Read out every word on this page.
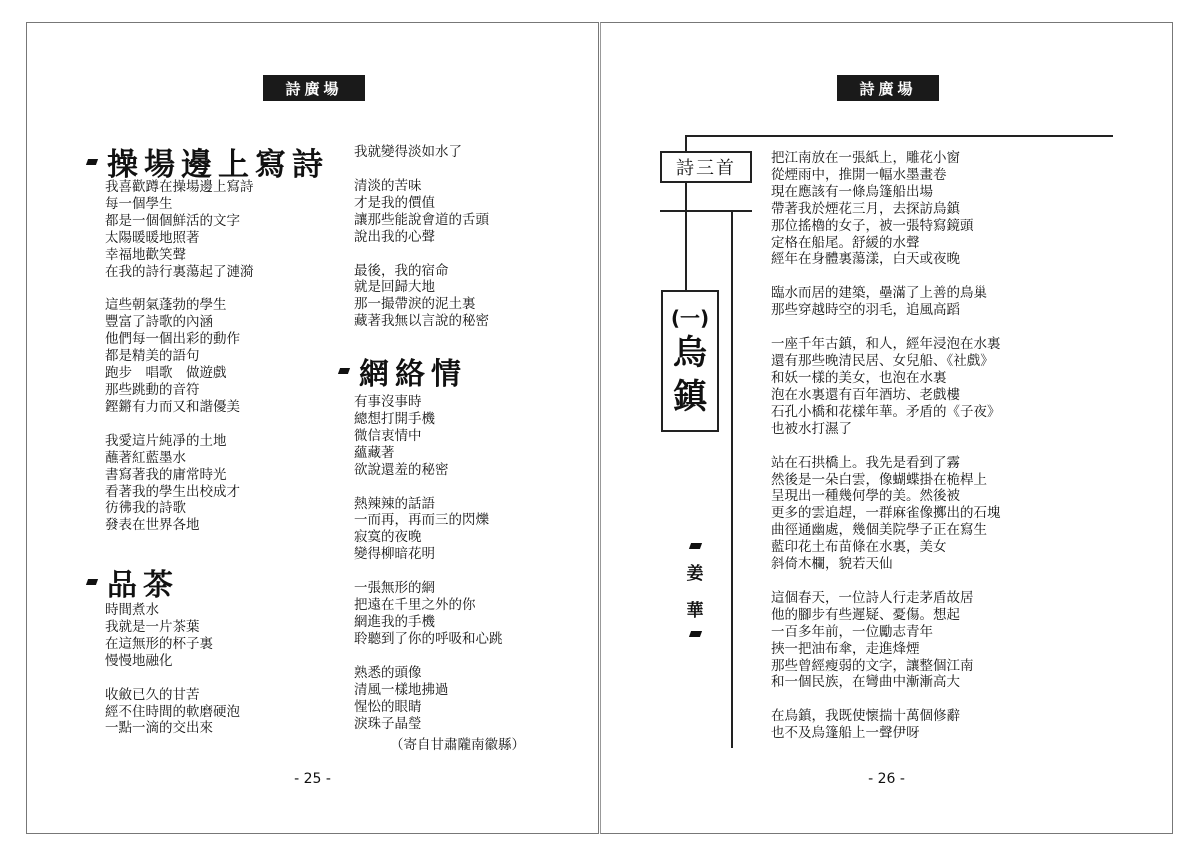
詩廣場
操場邊上寫詩
我喜歡蹲在操場邊上寫詩
每一個學生
都是一個個鮮活的文字
太陽暖暖地照著
幸福地歡笑聲
在我的詩行裏蕩起了漣漪
這些朝氣蓬勃的學生
豐富了詩歌的內涵
他們每一個出彩的動作
都是精美的語句
跑步　唱歌　做遊戲
那些跳動的音符
鏗鏘有力而又和諧優美
我愛這片純凈的土地
蘸著紅藍墨水
書寫著我的庸常時光
看著我的學生出校成才
彷彿我的詩歌
發表在世界各地
品茶
時間煮水
我就是一片茶葉
在這無形的杯子裏
慢慢地融化
收斂已久的甘苦
經不住時間的軟磨硬泡
一點一滴的交出來
我就變得淡如水了
清淡的苦味
才是我的價值
讓那些能說會道的舌頭
說出我的心聲
最後，我的宿命
就是回歸大地
那一撮帶淚的泥土裏
藏著我無以言說的秘密
網絡情
有事沒事時
總想打開手機
微信衷情中
蘊藏著
欲說還羞的秘密
熱辣辣的話語
一而再，再而三的閃爍
寂寞的夜晚
變得柳暗花明
一張無形的網
把遠在千里之外的你
網進我的手機
聆聽到了你的呼吸和心跳
熟悉的頭像
清風一樣地拂過
惺忪的眼睛
淚珠子晶瑩
（寄自甘肅隴南徽縣）
- 25 -
詩廣場
詩三首
(一)
烏
鎮
姜
華
把江南放在一張紙上，雕花小窗
從煙雨中，推開一幅水墨畫卷
現在應該有一條烏篷船出場
帶著我於煙花三月，去探訪烏鎮
那位搖櫓的女子，被一張特寫鏡頭
定格在船尾。舒緩的水聲
經年在身體裏蕩漾，白天或夜晚
臨水而居的建築，壘滿了上善的鳥巢
那些穿越時空的羽毛，追風高蹈
一座千年古鎮，和人，經年浸泡在水裏
還有那些晚清民居、女兒船、《社戲》
和妖一樣的美女，也泡在水裏
泡在水裏還有百年酒坊、老戲樓
石孔小橋和花樣年華。矛盾的《子夜》
也被水打濕了
站在石拱橋上。我先是看到了霧
然後是一朵白雲，像蝴蝶掛在桅桿上
呈現出一種幾何學的美。然後被
更多的雲追趕，一群麻雀像擲出的石塊
曲徑通幽處，幾個美院學子正在寫生
藍印花土布苗條在水裏，美女
斜倚木欄，貌若天仙
這個春天，一位詩人行走茅盾故居
他的腳步有些遲疑、憂傷。想起
一百多年前，一位勵志青年
挾一把油布傘，走進烽煙
那些曾經瘦弱的文字，讓整個江南
和一個民族，在彎曲中漸漸高大
在烏鎮，我既使懷揣十萬個修辭
也不及烏篷船上一聲伊呀
- 26 -
